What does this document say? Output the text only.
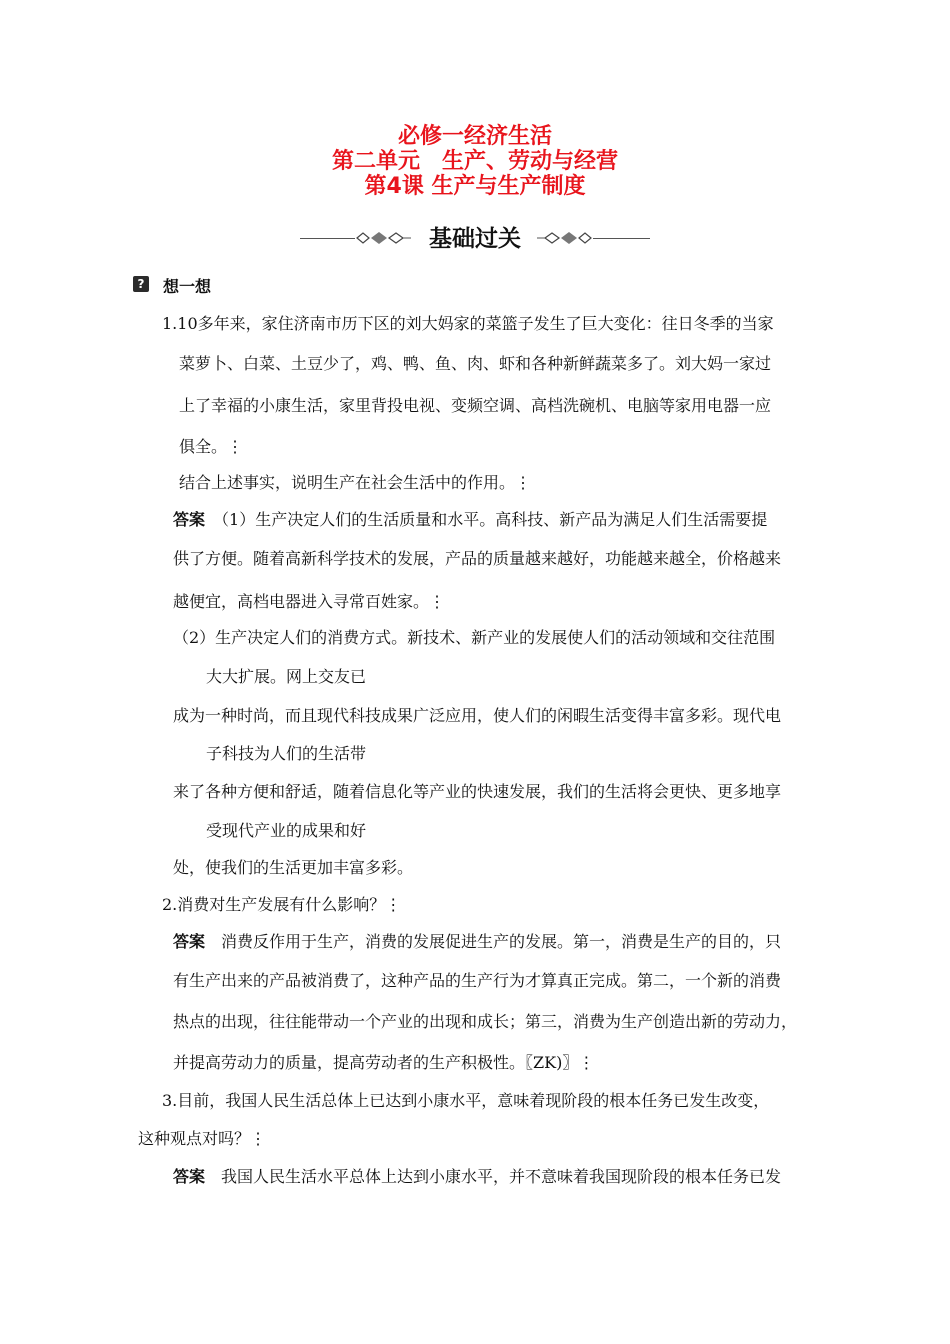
必修一经济生活
第二单元　生产、劳动与经营
第4课 生产与生产制度
基础过关
? 想一想
1.10多年来，家住济南市历下区的刘大妈家的菜篮子发生了巨大变化：往日冬季的当家
菜萝卜、白菜、土豆少了，鸡、鸭、鱼、肉、虾和各种新鲜蔬菜多了。刘大妈一家过
上了幸福的小康生活，家里背投电视、变频空调、高档洗碗机、电脑等家用电器一应
俱全。⋮
结合上述事实，说明生产在社会生活中的作用。⋮
答案　（1）生产决定人们的生活质量和水平。高科技、新产品为满足人们生活需要提
供了方便。随着高新科学技术的发展，产品的质量越来越好，功能越来越全，价格越来
越便宜，高档电器进入寻常百姓家。⋮
（2）生产决定人们的消费方式。新技术、新产业的发展使人们的活动领域和交往范围
大大扩展。网上交友已
成为一种时尚，而且现代科技成果广泛应用，使人们的闲暇生活变得丰富多彩。现代电
子科技为人们的生活带
来了各种方便和舒适，随着信息化等产业的快速发展，我们的生活将会更快、更多地享
受现代产业的成果和好
处，使我们的生活更加丰富多彩。
2.消费对生产发展有什么影响？⋮
答案　消费反作用于生产，消费的发展促进生产的发展。第一，消费是生产的目的，只
有生产出来的产品被消费了，这种产品的生产行为才算真正完成。第二，一个新的消费
热点的出现，往往能带动一个产业的出现和成长；第三，消费为生产创造出新的劳动力，
并提高劳动力的质量，提高劳动者的生产积极性。〖ZK)〗⋮
3.目前，我国人民生活总体上已达到小康水平，意味着现阶段的根本任务已发生改变，
这种观点对吗？⋮
答案　我国人民生活水平总体上达到小康水平，并不意味着我国现阶段的根本任务已发
